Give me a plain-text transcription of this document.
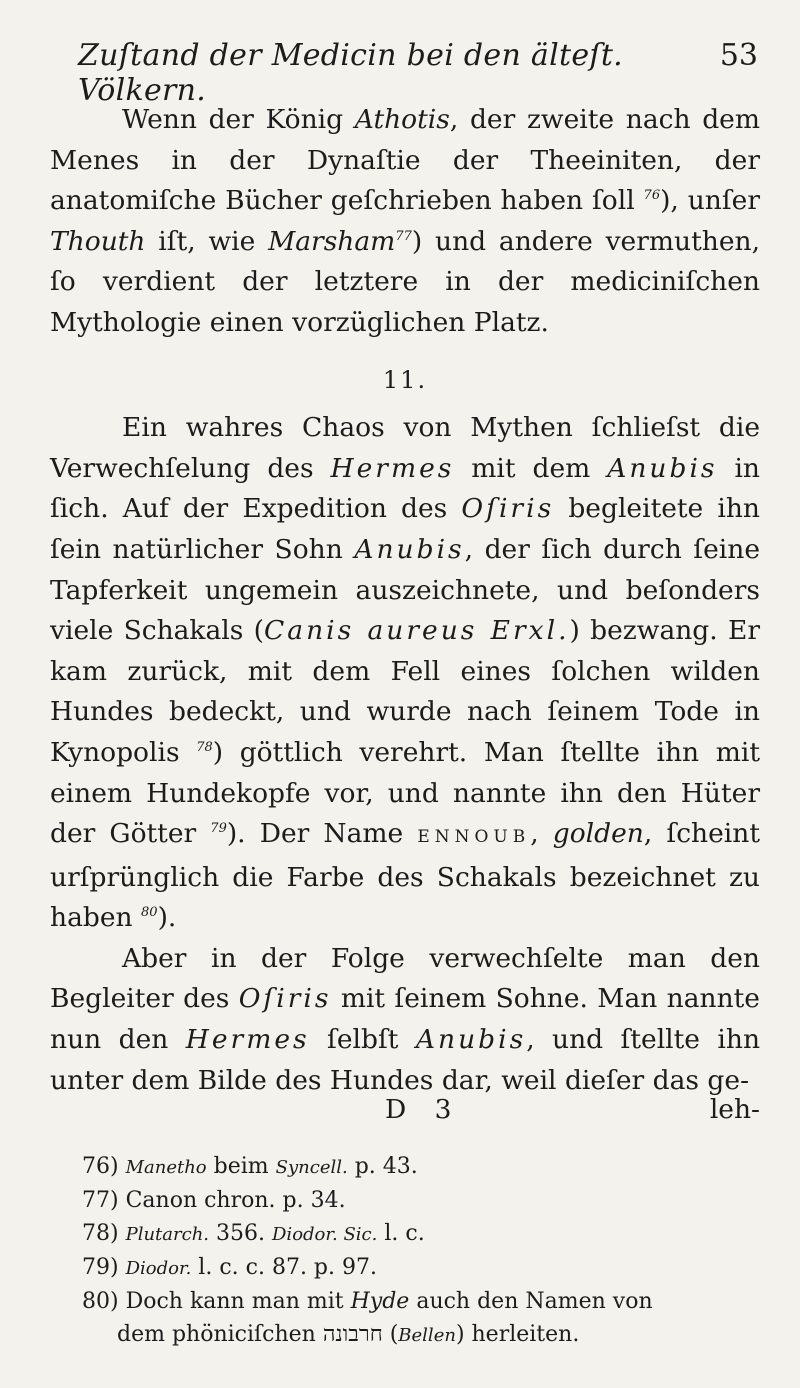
Zuſtand der Medicin bei den älteſt. Völkern.
53

Wenn der König Athotis, der zweite nach dem Menes in der Dynaſtie der Theeiniten, der anatomiſche Bücher geſchrieben haben ſoll $^{76}$), unſer Thouth iſt, wie Marsham$^{77}$) und andere vermuthen, ſo verdient der letztere in der mediciniſchen Mythologie einen vorzüglichen Platz.

11.

Ein wahres Chaos von Mythen ſchlieſst die Verwechſelung des Hermes mit dem Anubis in ſich. Auf der Expedition des Oſiris begleitete ihn ſein natürlicher Sohn Anubis, der ſich durch ſeine Tapferkeit ungemein auszeichnete, und beſonders viele Schakals (Canis aureus Erxl.) bezwang. Er kam zurück, mit dem Fell eines ſolchen wilden Hundes bedeckt, und wurde nach ſeinem Tode in Kynopolis $^{78}$) göttlich verehrt. Man ſtellte ihn mit einem Hundekopfe vor, und nannte ihn den Hüter der Götter $^{79}$). Der Name ENNOUB, golden, ſcheint urſprünglich die Farbe des Schakals bezeichnet zu haben $^{80}$).

Aber in der Folge verwechſelte man den Begleiter des Oſiris mit ſeinem Sohne. Man nannte nun den Hermes ſelbſt Anubis, und ſtellte ihn unter dem Bilde des Hundes dar, weil dieſer das ge-

D 3	leh-

76) Manetho beim Syncell. p. 43.

77) Canon chron. p. 34.

78) Plutarch. 356. Diodor. Sic. l. c.

79) Diodor. l. c. c. 87. p. 97.

80) Doch kann man mit Hyde auch den Namen von

dem phöniciſchen חרבונה (Bellen) herleiten.
